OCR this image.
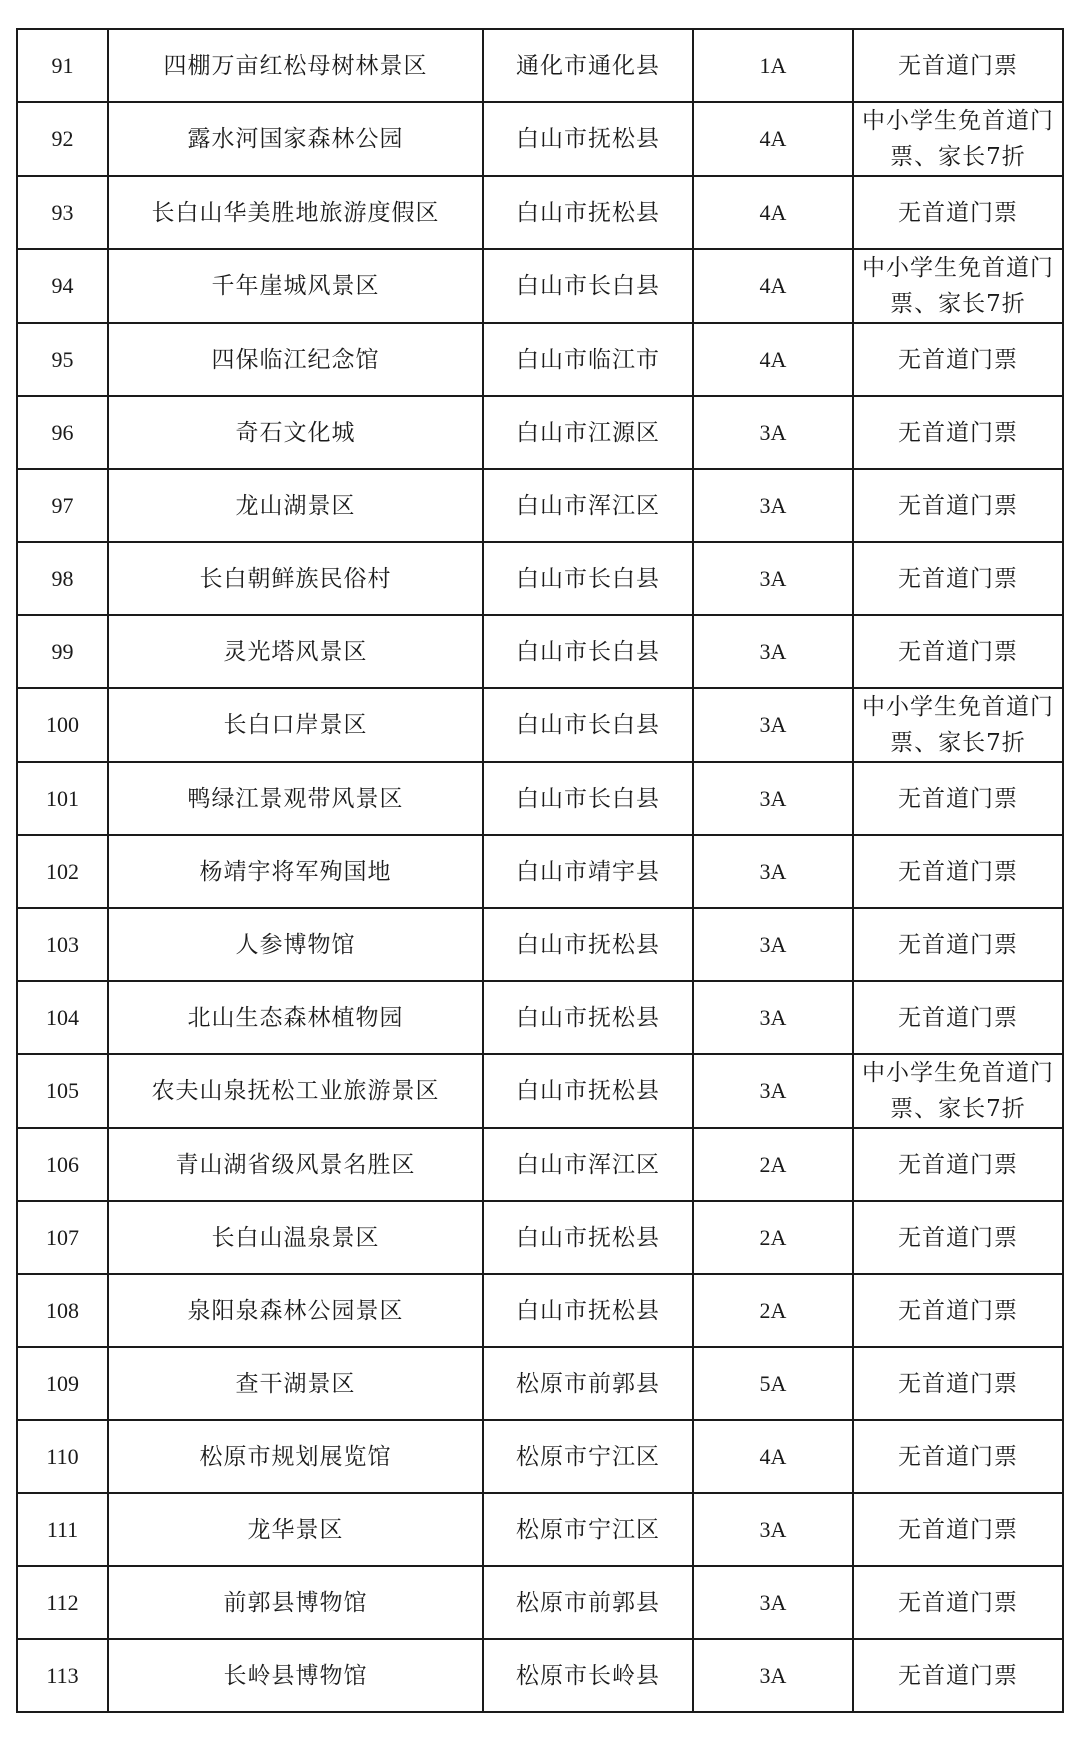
91	四棚万亩红松母树林景区	通化市通化县	1A	无首道门票
92	露水河国家森林公园	白山市抚松县	4A	中小学生免首道门票、家长7折
93	长白山华美胜地旅游度假区	白山市抚松县	4A	无首道门票
94	千年崖城风景区	白山市长白县	4A	中小学生免首道门票、家长7折
95	四保临江纪念馆	白山市临江市	4A	无首道门票
96	奇石文化城	白山市江源区	3A	无首道门票
97	龙山湖景区	白山市浑江区	3A	无首道门票
98	长白朝鲜族民俗村	白山市长白县	3A	无首道门票
99	灵光塔风景区	白山市长白县	3A	无首道门票
100	长白口岸景区	白山市长白县	3A	中小学生免首道门票、家长7折
101	鸭绿江景观带风景区	白山市长白县	3A	无首道门票
102	杨靖宇将军殉国地	白山市靖宇县	3A	无首道门票
103	人参博物馆	白山市抚松县	3A	无首道门票
104	北山生态森林植物园	白山市抚松县	3A	无首道门票
105	农夫山泉抚松工业旅游景区	白山市抚松县	3A	中小学生免首道门票、家长7折
106	青山湖省级风景名胜区	白山市浑江区	2A	无首道门票
107	长白山温泉景区	白山市抚松县	2A	无首道门票
108	泉阳泉森林公园景区	白山市抚松县	2A	无首道门票
109	查干湖景区	松原市前郭县	5A	无首道门票
110	松原市规划展览馆	松原市宁江区	4A	无首道门票
111	龙华景区	松原市宁江区	3A	无首道门票
112	前郭县博物馆	松原市前郭县	3A	无首道门票
113	长岭县博物馆	松原市长岭县	3A	无首道门票
